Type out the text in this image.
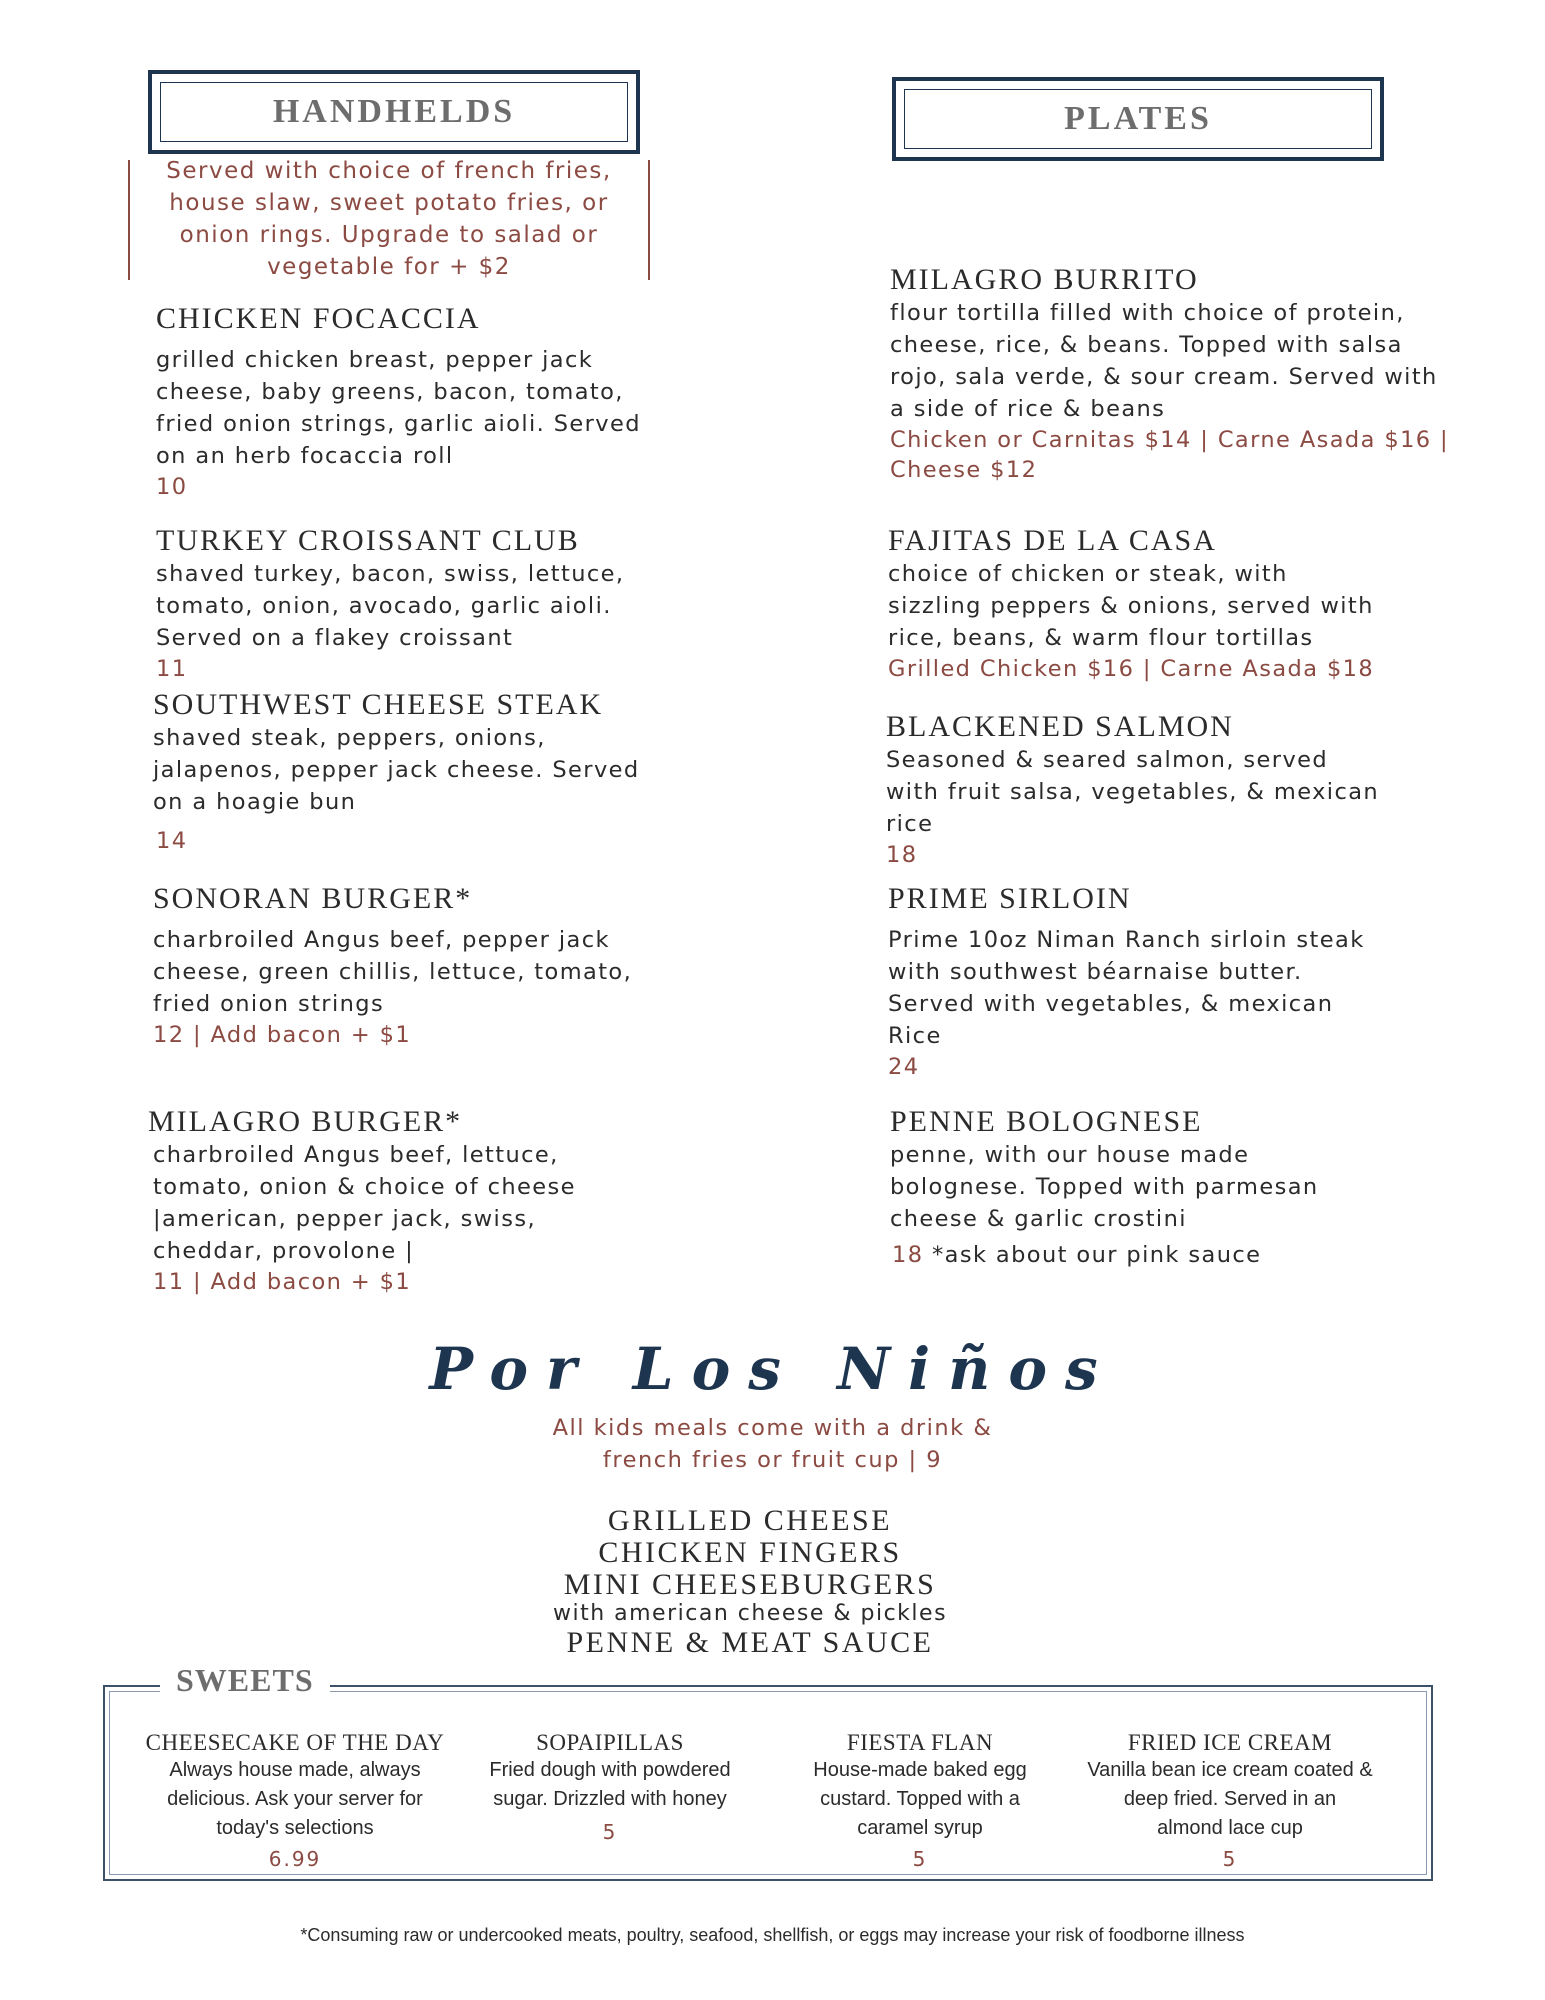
HANDHELDS
Served with choice of french fries,
house slaw, sweet potato fries, or
onion rings. Upgrade to salad or
vegetable for + $2
CHICKEN FOCACCIA
grilled chicken breast, pepper jack
cheese, baby greens, bacon, tomato,
fried onion strings, garlic aioli. Served
on an herb focaccia roll
10
TURKEY CROISSANT CLUB
shaved turkey, bacon, swiss, lettuce,
tomato, onion, avocado, garlic aioli.
Served on a flakey croissant
11
SOUTHWEST CHEESE STEAK
shaved steak, peppers, onions,
jalapenos, pepper jack cheese. Served
on a hoagie bun
14
SONORAN BURGER*
charbroiled Angus beef, pepper jack
cheese, green chillis, lettuce, tomato,
fried onion strings
12 | Add bacon + $1
MILAGRO BURGER*
charbroiled Angus beef, lettuce,
tomato, onion & choice of cheese
|american, pepper jack, swiss,
cheddar, provolone |
11 | Add bacon + $1
PLATES
MILAGRO BURRITO
flour tortilla filled with choice of protein,
cheese, rice, & beans. Topped with salsa
rojo, sala verde, & sour cream. Served with
a side of rice & beans
Chicken or Carnitas $14 | Carne Asada $16 |
Cheese $12
FAJITAS DE LA CASA
choice of chicken or steak, with
sizzling peppers & onions, served with
rice, beans, & warm flour tortillas
Grilled Chicken $16 | Carne Asada $18
BLACKENED SALMON
Seasoned & seared salmon, served
with fruit salsa, vegetables, & mexican
rice
18
PRIME SIRLOIN
Prime 10oz Niman Ranch sirloin steak
with southwest béarnaise butter.
Served with vegetables, & mexican
Rice
24
PENNE BOLOGNESE
penne, with our house made
bolognese. Topped with parmesan
cheese & garlic crostini
18 *ask about our pink sauce
Por Los Niños
All kids meals come with a drink &
french fries or fruit cup | 9
GRILLED CHEESE
CHICKEN FINGERS
MINI CHEESEBURGERS
with american cheese & pickles
PENNE & MEAT SAUCE
SWEETS
CHEESECAKE OF THE DAY
Always house made, always
delicious. Ask your server for
today's selections
6.99
SOPAIPILLAS
Fried dough with powdered
sugar. Drizzled with honey
5
FIESTA FLAN
House-made baked egg
custard. Topped with a
caramel syrup
5
FRIED ICE CREAM
Vanilla bean ice cream coated &
deep fried. Served in an
almond lace cup
5
*Consuming raw or undercooked meats, poultry, seafood, shellfish, or eggs may increase your risk of foodborne illness
